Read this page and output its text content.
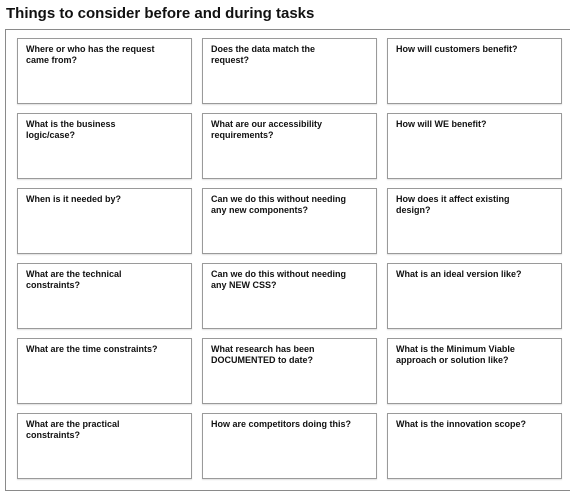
Things to consider before and during tasks
Where or who has the request came from?
Does the data match the request?
How will customers benefit?
What is the business logic/case?
What are our accessibility requirements?
How will WE benefit?
When is it needed by?	Can we do this without needing any new components?
How does it affect existing design?
What are the technical constraints?
Can we do this without needing any NEW CSS?
What is an ideal version like?
What are the time constraints?	What research has been DOCUMENTED to date?
What is the Minimum Viable approach or solution like?
What are the practical constraints?
How are competitors doing this?	What is the innovation scope?
